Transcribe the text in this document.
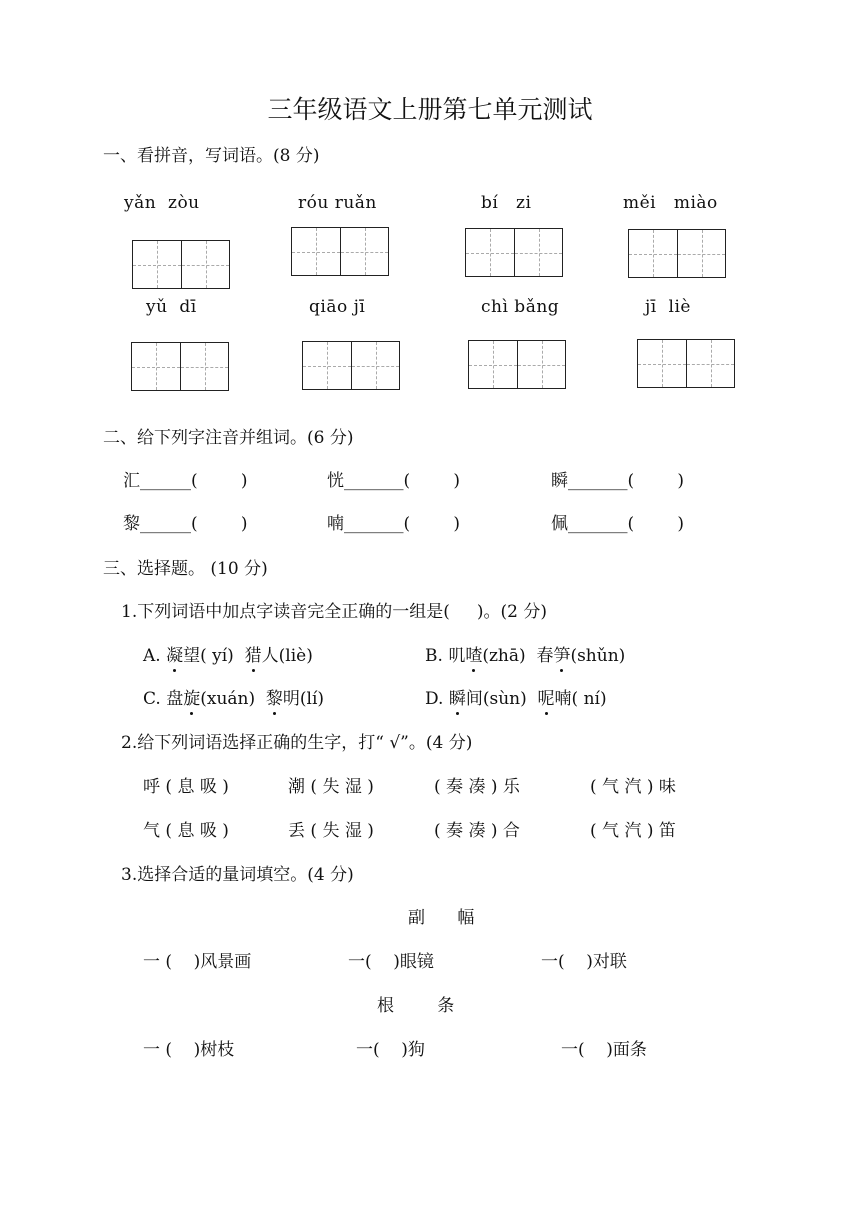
三年级语文上册第七单元测试
一、看拼音，写词语。(8 分)
yǎn  zòu	róu ruǎn	bí   zi	měi   miào
yǔ  dī	qiāo jī	chì bǎng	jī  liè
二、给下列字注音并组词。(6 分)
汇______(        )	恍_______(        )	瞬_______(        )
黎______(        )	喃_______(        )	佩_______(        )
三、选择题。 (10 分)
1.下列词语中加点字读音完全正确的一组是(     )。(2 分)
A. 凝望( yí) 猎人(liè)	B. 叽喳(zhā) 春笋(shǔn)
C. 盘旋(xuán) 黎明(lí)	D. 瞬间(sùn) 呢喃( ní)
2.给下列词语选择正确的生字，打“ √”。(4 分)
呼 ( 息 吸 )	潮 ( 失 湿 )	( 奏 凑 ) 乐	( 气 汽 ) 味
气 ( 息 吸 )	丢 ( 失 湿 )	( 奏 凑 ) 合	( 气 汽 ) 笛
3.选择合适的量词填空。(4 分)
副      幅
一 (    )风景画	一(    )眼镜	一(    )对联
根        条
一 (    )树枝	一(    )狗	一(    )面条
